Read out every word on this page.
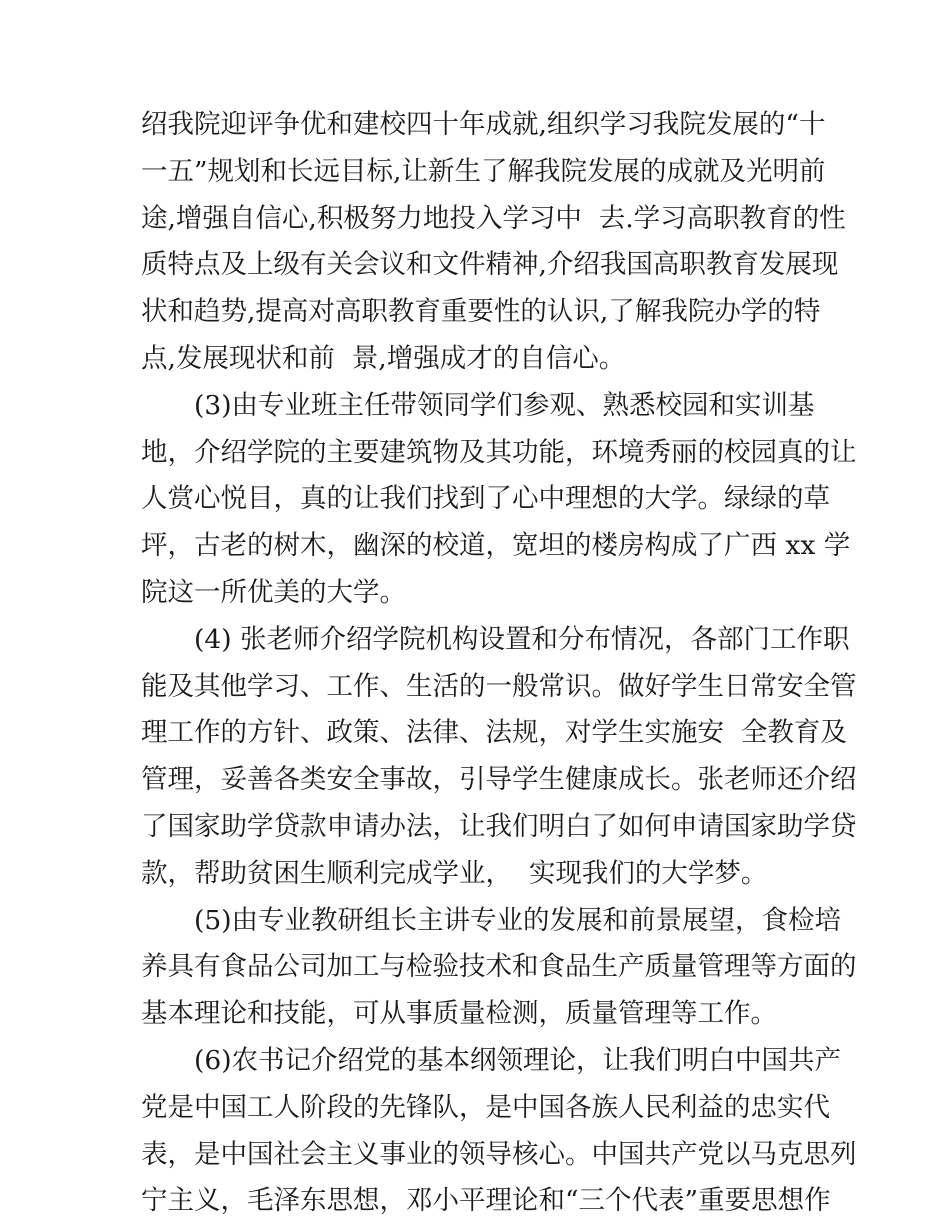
绍我院迎评争优和建校四十年成就,组织学习我院发展的“十
一五”规划和长远目标,让新生了解我院发展的成就及光明前
途,增强自信心,积极努力地投入学习中  去.学习高职教育的性
质特点及上级有关会议和文件精神,介绍我国高职教育发展现
状和趋势,提高对高职教育重要性的认识,了解我院办学的特
点,发展现状和前  景,增强成才的自信心。
(3)由专业班主任带领同学们参观、熟悉校园和实训基
地，介绍学院的主要建筑物及其功能，环境秀丽的校园真的让
人赏心悦目，真的让我们找到了心中理想的大学。绿绿的草
坪，古老的树木，幽深的校道，宽坦的楼房构成了广西 xx 学
院这一所优美的大学。
(4) 张老师介绍学院机构设置和分布情况，各部门工作职
能及其他学习、工作、生活的一般常识。做好学生日常安全管
理工作的方针、政策、法律、法规，对学生实施安  全教育及
管理，妥善各类安全事故，引导学生健康成长。张老师还介绍
了国家助学贷款申请办法，让我们明白了如何申请国家助学贷
款，帮助贫困生顺利完成学业，  实现我们的大学梦。
(5)由专业教研组长主讲专业的发展和前景展望，食检培
养具有食品公司加工与检验技术和食品生产质量管理等方面的
基本理论和技能，可从事质量检测，质量管理等工作。
(6)农书记介绍党的基本纲领理论，让我们明白中国共产
党是中国工人阶段的先锋队，是中国各族人民利益的忠实代
表，是中国社会主义事业的领导核心。中国共产党以马克思列
宁主义，毛泽东思想，邓小平理论和“三个代表”重要思想作
